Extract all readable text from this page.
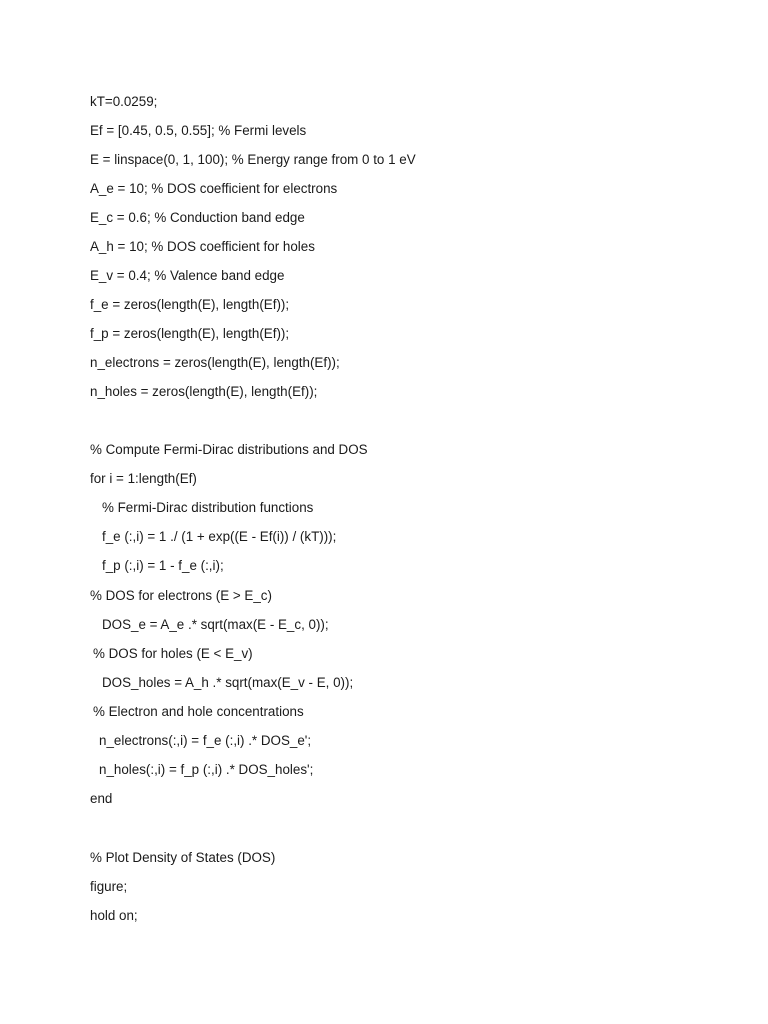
kT=0.0259;

Ef = [0.45, 0.5, 0.55]; % Fermi levels

E = linspace(0, 1, 100); % Energy range from 0 to 1 eV

A_e = 10; % DOS coefficient for electrons

E_c = 0.6; % Conduction band edge

A_h = 10; % DOS coefficient for holes

E_v = 0.4; % Valence band edge

f_e = zeros(length(E), length(Ef));

f_p = zeros(length(E), length(Ef));

n_electrons = zeros(length(E), length(Ef));

n_holes = zeros(length(E), length(Ef));

% Compute Fermi-Dirac distributions and DOS

for i = 1:length(Ef)

% Fermi-Dirac distribution functions

f_e (:,i) = 1 ./ (1 + exp((E - Ef(i)) / (kT)));

f_p (:,i) = 1 - f_e (:,i);

% DOS for electrons (E > E_c)

DOS_e = A_e .* sqrt(max(E - E_c, 0));

% DOS for holes (E < E_v)

DOS_holes = A_h .* sqrt(max(E_v - E, 0));

% Electron and hole concentrations

n_electrons(:,i) = f_e (:,i) .* DOS_e';

n_holes(:,i) = f_p (:,i) .* DOS_holes';

end

% Plot Density of States (DOS)

figure;

hold on;
